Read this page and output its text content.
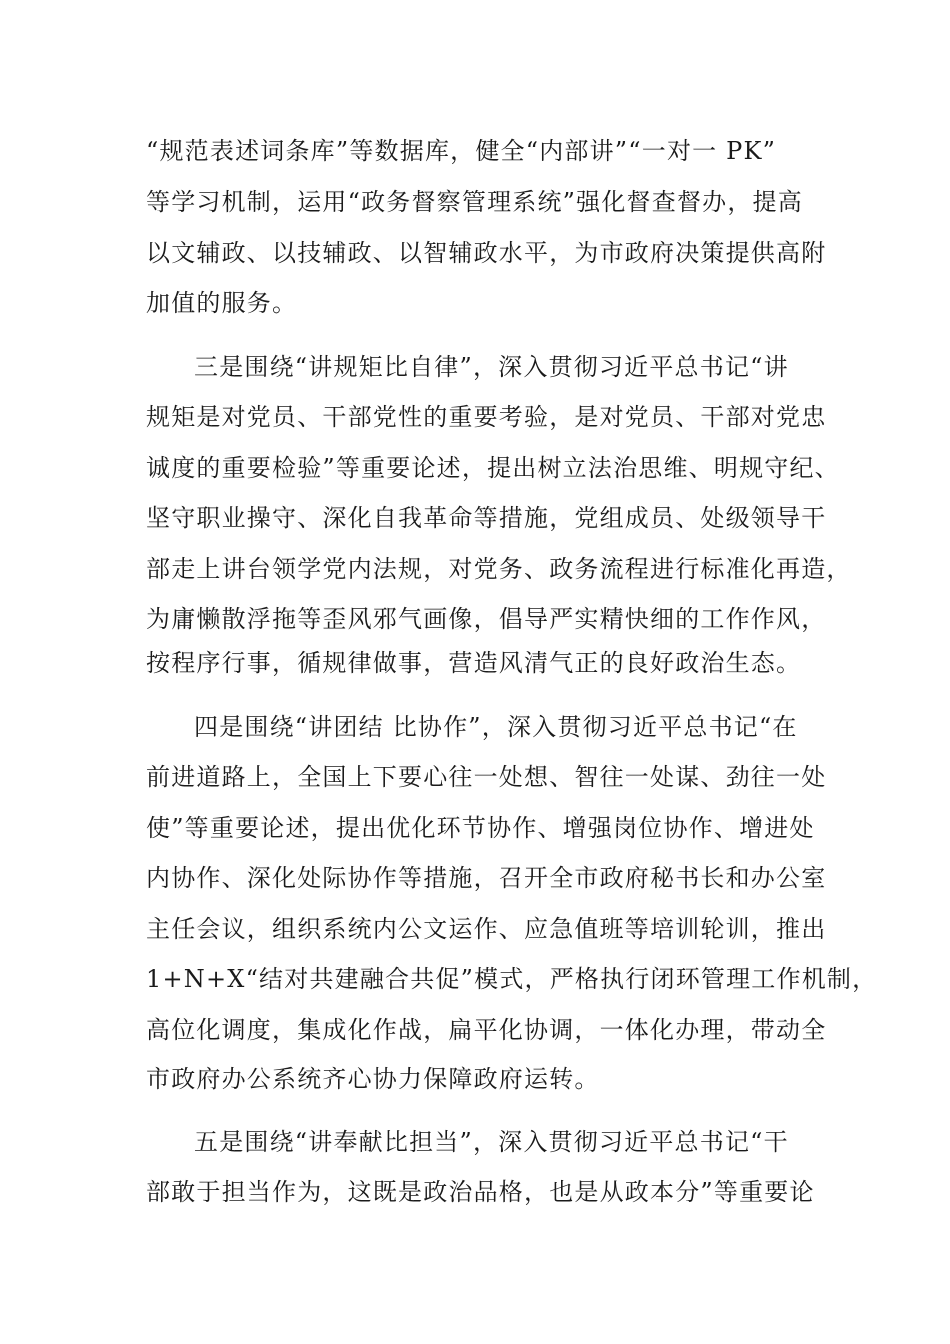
“规范表述词条库”等数据库，健全“内部讲”“一对一 PK”
等学习机制，运用“政务督察管理系统”强化督查督办，提高
以文辅政、以技辅政、以智辅政水平，为市政府决策提供高附
加值的服务。
三是围绕“讲规矩比自律”，深入贯彻习近平总书记“讲
规矩是对党员、干部党性的重要考验，是对党员、干部对党忠
诚度的重要检验”等重要论述，提出树立法治思维、明规守纪、
坚守职业操守、深化自我革命等措施，党组成员、处级领导干
部走上讲台领学党内法规，对党务、政务流程进行标准化再造，
为庸懒散浮拖等歪风邪气画像，倡导严实精快细的工作作风，
按程序行事，循规律做事，营造风清气正的良好政治生态。
四是围绕“讲团结 比协作”，深入贯彻习近平总书记“在
前进道路上，全国上下要心往一处想、智往一处谋、劲往一处
使”等重要论述，提出优化环节协作、增强岗位协作、增进处
内协作、深化处际协作等措施，召开全市政府秘书长和办公室
主任会议，组织系统内公文运作、应急值班等培训轮训，推出
1+N+X“结对共建融合共促”模式，严格执行闭环管理工作机制，
高位化调度，集成化作战，扁平化协调，一体化办理，带动全
市政府办公系统齐心协力保障政府运转。
五是围绕“讲奉献比担当”，深入贯彻习近平总书记“干
部敢于担当作为，这既是政治品格，也是从政本分”等重要论
